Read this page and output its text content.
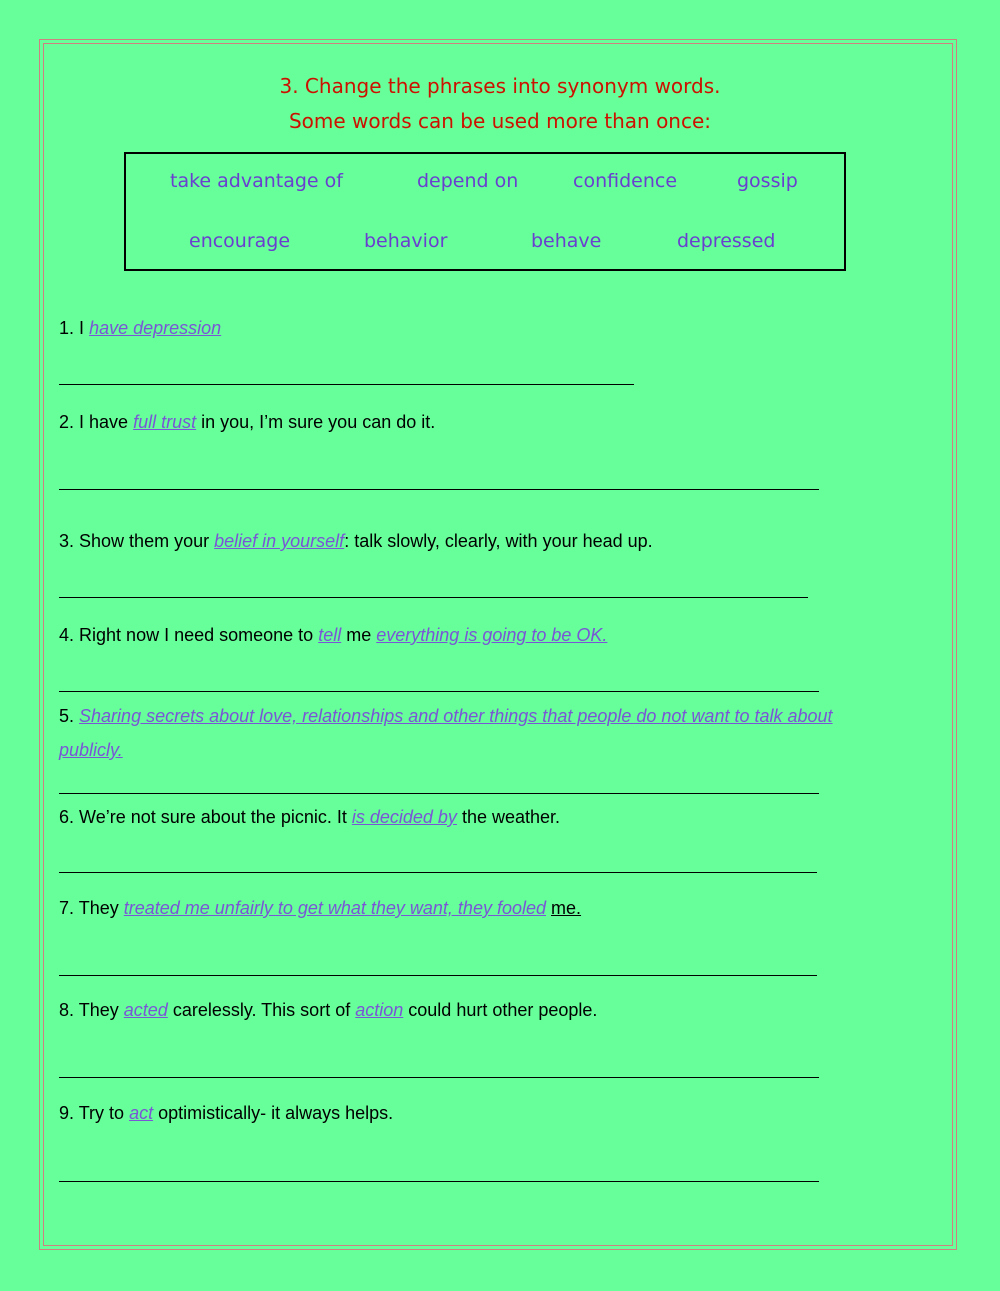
3. Change the phrases into synonym words.
Some words can be used more than once:
take advantage of	depend on	confidence	gossip
encourage	behavior	behave	depressed
1. I have depression
2. I have full trust in you, I’m sure you can do it.
3. Show them your belief in yourself: talk slowly, clearly, with your head up.
4. Right now I need someone to tell me everything is going to be OK.
5. Sharing secrets about love, relationships and other things that people do not want to talk about
publicly.
6. We’re not sure about the picnic. It is decided by the weather.
7. They treated me unfairly to get what they want, they fooled me.
8. They acted carelessly. This sort of action could hurt other people.
9. Try to act optimistically- it always helps.
